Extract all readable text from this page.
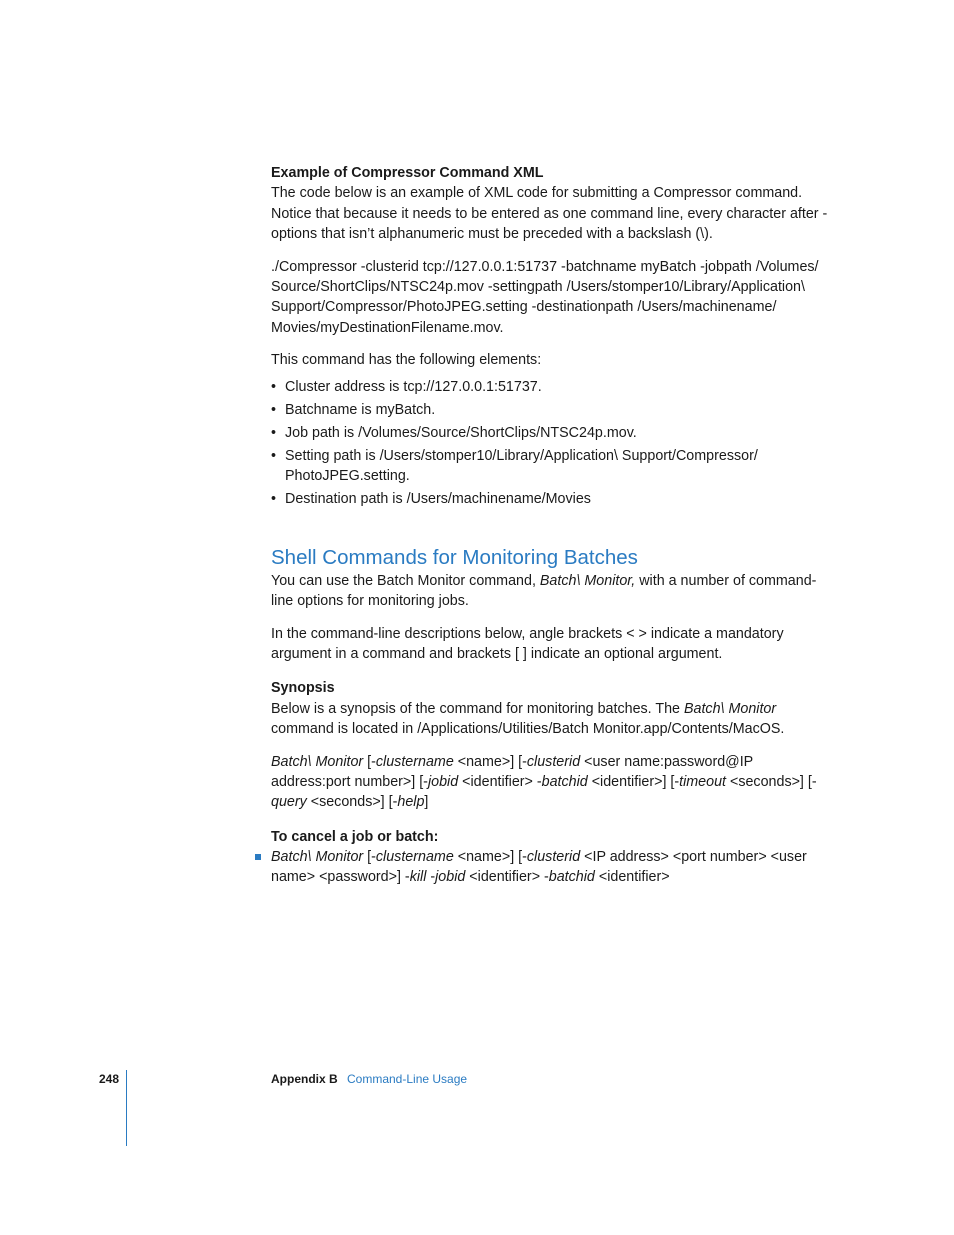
Example of Compressor Command XML

The code below is an example of XML code for submitting a Compressor command. Notice that because it needs to be entered as one command line, every character after -options that isn’t alphanumeric must be preceded with a backslash (\).

./Compressor -clusterid tcp://127.0.0.1:51737 -batchname myBatch -jobpath /Volumes/
Source/ShortClips/NTSC24p.mov -settingpath /Users/stomper10/Library/Application\
Support/Compressor/PhotoJPEG.setting -destinationpath /Users/machinename/
Movies/myDestinationFilename.mov.

This command has the following elements:

• Cluster address is tcp://127.0.0.1:51737.
• Batchname is myBatch.
• Job path is /Volumes/Source/ShortClips/NTSC24p.mov.
• Setting path is /Users/stomper10/Library/Application\ Support/Compressor/ PhotoJPEG.setting.
• Destination path is /Users/machinename/Movies
Shell Commands for Monitoring Batches

You can use the Batch Monitor command, Batch\ Monitor, with a number of command-line options for monitoring jobs.

In the command-line descriptions below, angle brackets < > indicate a mandatory argument in a command and brackets [ ] indicate an optional argument.

Synopsis

Below is a synopsis of the command for monitoring batches. The Batch\ Monitor command is located in /Applications/Utilities/Batch Monitor.app/Contents/MacOS.

Batch\ Monitor [-clustername <name>] [-clusterid <user name:password@IP address:port number>] [-jobid <identifier> -batchid <identifier>] [-timeout <seconds>] [-query <seconds>] [-help]

To cancel a job or batch:

Batch\ Monitor [-clustername <name>] [-clusterid <IP address> <port number> <user name> <password>] -kill -jobid <identifier> -batchid <identifier>
248	Appendix B Command-Line Usage
